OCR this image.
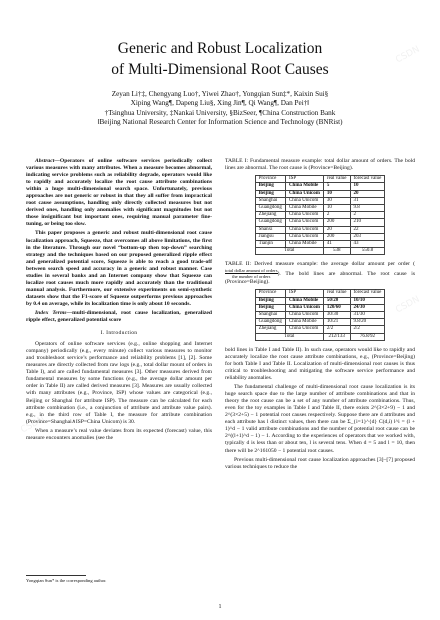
CSDN
CSDN
CSDN
Generic and Robust Localization
of Multi-Dimensional Root Causes
Zeyan Li†‡, Chengyang Luo†, Yiwei Zhao†, Yongqian Sun‡*, Kaixin Sui§
Xiping Wang¶, Dapeng Liu§, Xing Jin¶, Qi Wang¶, Dan Pei†‖
†Tsinghua University, ‡Nankai University, §BizSeer, ¶China Construction Bank
‖Beijing National Research Center for Information Science and Technology (BNRist)

Abstract—Operators of online software services periodically collect various measures with many attributes. When a measure becomes abnormal, indicating service problems such as reliability degrade, operators would like to rapidly and accurately localize the root cause attribute combinations within a huge multi-dimensional search space. Unfortunately, previous approaches are not generic or robust in that they all suffer from impractical root cause assumptions, handling only directly collected measures but not derived ones, handling only anomalies with significant magnitudes but not those insignificant but important ones, requiring manual parameter fine-tuning, or being too slow.

This paper proposes a generic and robust multi-dimensional root cause localization approach, Squeeze, that overcomes all above limitations, the first in the literature. Through our novel “bottom-up then top-down” searching strategy and the techniques based on our proposed generalized ripple effect and generalized potential score, Squeeze is able to reach a good trade-off between search speed and accuracy in a generic and robust manner. Case studies in several banks and an Internet company show that Squeeze can localize root causes much more rapidly and accurately than the traditional manual analysis. Furthermore, our extensive experiments on semi-synthetic datasets show that the F1-score of Squeeze outperforms previous approaches by 0.4 on average, while its localization time is only about 10 seconds.

Index Terms—multi-dimensional, root cause localization, generalized ripple effect, generalized potential score

I. Introduction

Operators of online software services (e.g., online shopping and Internet company) periodically (e.g., every minute) collect various measures to monitor and troubleshoot service’s performance and reliability problems [1], [2]. Some measures are directly collected from raw logs (e.g., total dollar mount of orders in Table I), and are called fundamental measures [3]. Other measures derived from fundamental measures by some functions (e.g., the average dollar amount per order in Table II) are called derived measures [3]. Measures are usually collected with many attributes (e.g., Province, ISP) whose values are categorical (e.g., Beijing or Shanghai for attribute ISP). The measure can be calculated for each attribute combination (i.e., a conjunction of attribute and attribute value pairs). e.g., in the third row of Table I, the measure for attribute combination (Province=Shanghai∧ISP=China Unicom) is 30.

When a measure’s real value deviates from its expected (forecast) value, this measure encounters anomalies (see the

Yongqian Sun* is the corresponding author.

TABLE I: Fundamental measure example: total dollar amount of orders. The bold lines are abnormal. The root cause is (Province=Beijing).

Province	ISP	real value	forecast value
Beijing	China Mobile	5	10
Beijing	China Unicom	10	20
Shanghai	China Unicom	30	31
Guangdong	China Mobile	10	9.8
Zhejiang	China Unicom	2	2
Guangdong	China Unicom	200	210
Shanxi	China Unicom	20	22
Jiangsu	China Unicom	200	203
Tianjin	China Mobile	41	43
Total		538	550.8

TABLE II: Derived measure example: the average dollar amount per order (
$\frac{\text{total dollar amount of orders}}{\text{the number of orders}}$ ). The bold lines are abnormal. The root cause is (Province=Beijing).

Province	ISP	real value	forecast value
Beijing	China Mobile	50/20	10/10
Beijing	China Unicom	120/60	24/30
Shanghai	China Unicom	30/30	31/30
Guangdong	China Mobile	10/21	9.8/20
Zhejiang	China Unicom	2/2	2/2
Total		212/133	76.8/92

bold lines in Table I and Table II). In such case, operators would like to rapidly and accurately localize the root cause attribute combinations, e.g., (Province=Beijing) for both Table I and Table II. Localization of multi-dimensional root causes is thus critical to troubleshooting and mitigating the software service performance and reliability anomalies.

The fundamental challenge of multi-dimensional root cause localization is its huge search space due to the large number of attribute combinations and that in theory the root cause can be a set of any number of attribute combinations. Thus, even for the toy examples in Table I and Table II, there exists 2^(3×2+9) − 1 and 2^(3×2+5) − 1 potential root causes respectively. Suppose there are d attributes and each attribute has l distinct values, then there can be Σ_{i=1}^{d} C(d,i) l^i = (l + 1)^d − 1 valid attribute combinations and the number of potential root cause can be 2^((l+1)^d − 1) − 1. According to the experiences of operators that we worked with, typically d is less than or about ten, l is several tens. When d = 5 and l = 10, then there will be 2^161050 − 1 potential root causes.

Previous multi-dimensional root cause localization approaches [3]–[7] proposed various techniques to reduce the

1
